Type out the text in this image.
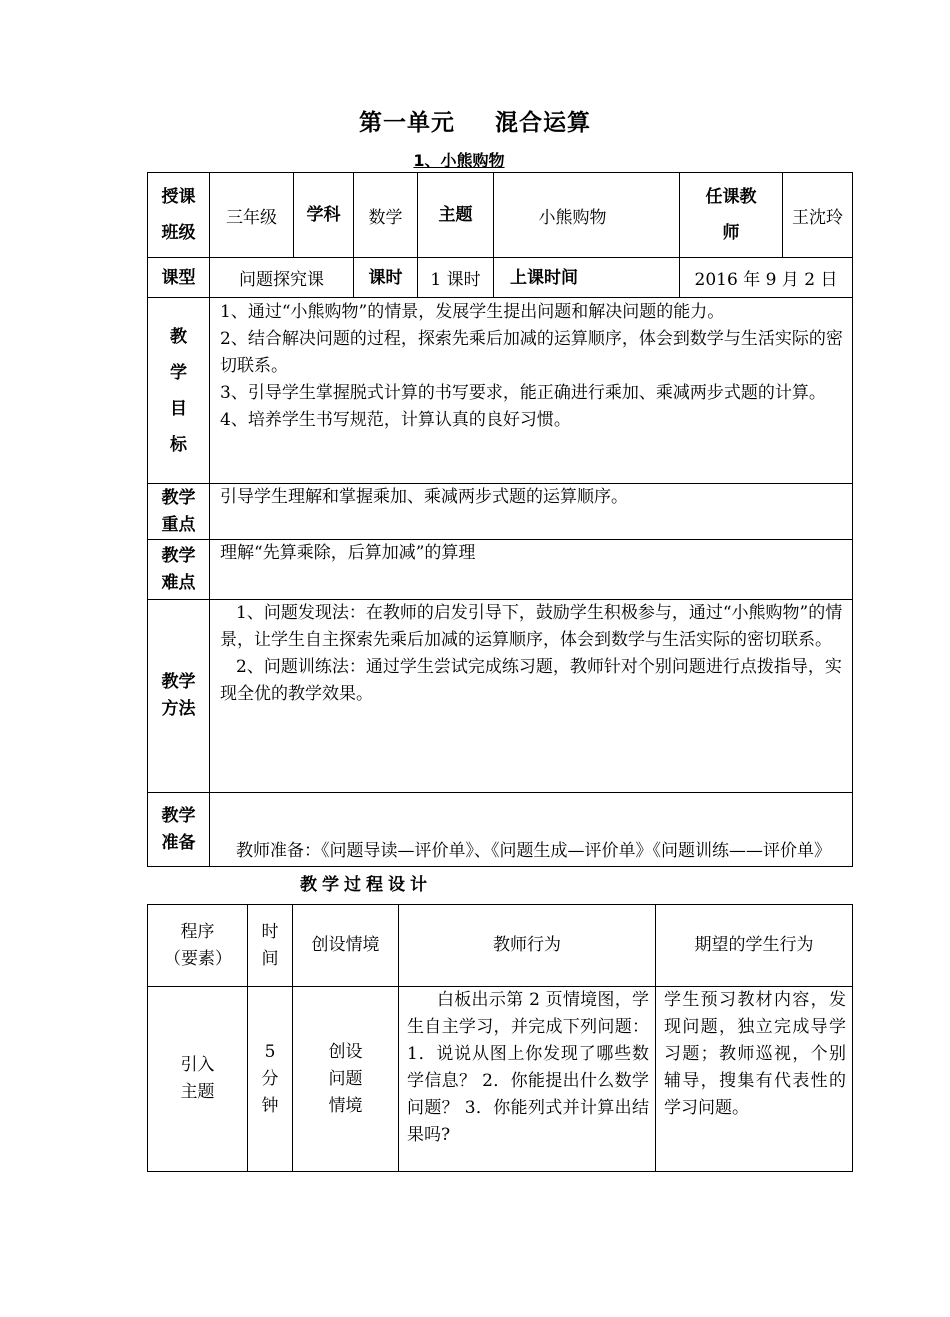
第一单元 混合运算
1、小熊购物
授课班级	三年级	学科	数学	主题	小熊购物	任课教师	王沈玲
课型	问题探究课		课时	1 课时	上课时间	2016 年 9 月 2 日	
教学目标	1、通过“小熊购物”的情景，发展学生提出问题和解决问题的能力。
2、结合解决问题的过程，探索先乘后加减的运算顺序，体会到数学与生活实际的密切联系。
3、引导学生掌握脱式计算的书写要求，能正确进行乘加、乘减两步式题的计算。
4、培养学生书写规范，计算认真的良好习惯。						

教学重点	引导学生理解和掌握乘加、乘减两步式题的运算顺序。						
教学难点	理解“先算乘除，后算加减”的算理						
教学方法	1、问题发现法：在教师的启发引导下，鼓励学生积极参与，通过“小熊购物”的情景，让学生自主探索先乘后加减的运算顺序，体会到数学与生活实际的密切联系。
2、问题训练法：通过学生尝试完成练习题，教师针对个别问题进行点拨指导，实现全优的教学效果。						

教学准备	教师准备：《问题导读—评价单》、《问题生成—评价单》《问题训练——评价单》						
教学过程设计
程序（要素）	时间	创设情境	教师行为	期望的学生行为
引入主题	5分钟	创设问题情境	白板出示第 2 页情境图，学生自主学习，并完成下列问题： 1．说说从图上你发现了哪些数学信息？ 2．你能提出什么数学问题？ 3．你能列式并计算出结果吗?	学生预习教材内容，发现问题，独立完成导学习题；教师巡视，个别辅导，搜集有代表性的学习问题。
